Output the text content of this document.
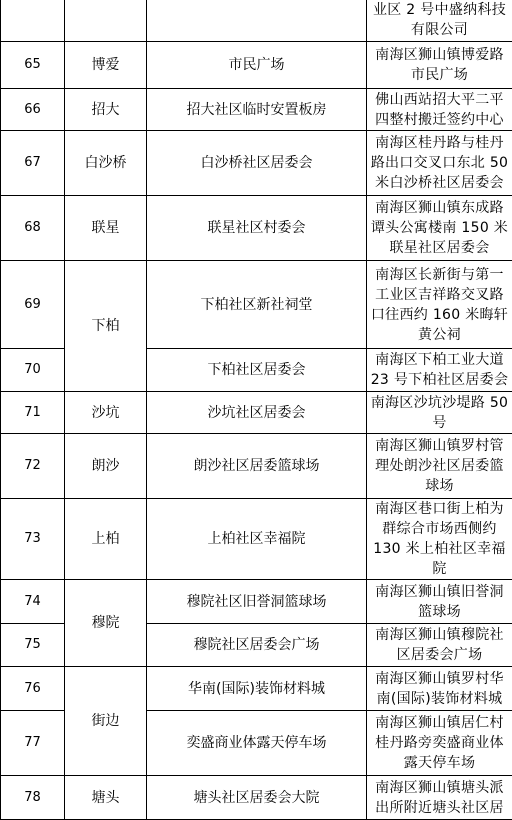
			业区 2 号中盛纳科技有限公司
65	博爱	市民广场	南海区狮山镇博爱路市民广场
66	招大	招大社区临时安置板房	佛山西站招大平二平四整村搬迁签约中心
67	白沙桥	白沙桥社区居委会	南海区桂丹路与桂丹路出口交叉口东北 50 米白沙桥社区居委会
68	联星	联星社区村委会	南海区狮山镇东成路谭头公寓楼南 150 米联星社区居委会
69	下柏	下柏社区新社祠堂	南海区长新街与第一工业区吉祥路交叉路口往西约 160 米晦轩黄公祠
70		下柏社区居委会	南海区下柏工业大道 23 号下柏社区居委会
71	沙坑	沙坑社区居委会	南海区沙坑沙堤路 50 号
72	朗沙	朗沙社区居委篮球场	南海区狮山镇罗村管理处朗沙社区居委篮球场
73	上柏	上柏社区幸福院	南海区巷口街上柏为群综合市场西侧约 130 米上柏社区幸福院
74	穆院	穆院社区旧誉洞篮球场	南海区狮山镇旧誉洞篮球场
75		穆院社区居委会广场	南海区狮山镇穆院社区居委会广场
76	街边	华南(国际)装饰材料城	南海区狮山镇罗村华南(国际)装饰材料城
77		奕盛商业体露天停车场	南海区狮山镇居仁村桂丹路旁奕盛商业体露天停车场
78	塘头	塘头社区居委会大院	南海区狮山镇塘头派出所附近塘头社区居
